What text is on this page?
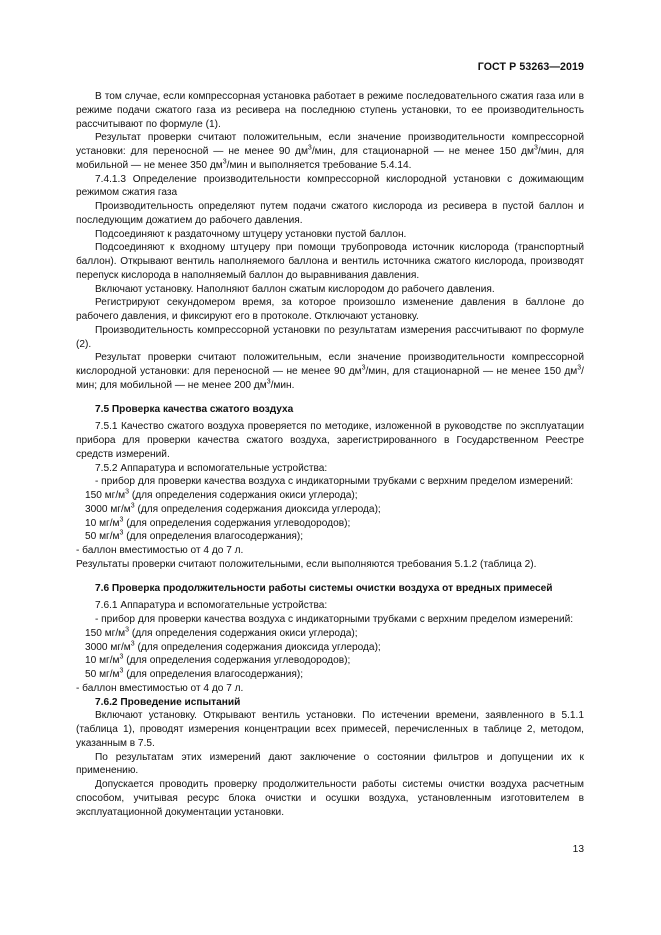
ГОСТ Р 53263—2019

В том случае, если компрессорная установка работает в режиме последовательного сжатия газа или в режиме подачи сжатого газа из ресивера на последнюю ступень установки, то ее производительность рассчитывают по формуле (1).

Результат проверки считают положительным, если значение производительности компрессорной установки: для переносной — не менее 90 $дм^3$/мин, для стационарной — не менее 150 $дм^3$/мин, для мобильной — не менее 350 $дм^3$/мин и выполняется требование 5.4.14.

7.4.1.3 Определение производительности компрессорной кислородной установки с дожимающим режимом сжатия газа

Производительность определяют путем подачи сжатого кислорода из ресивера в пустой баллон и последующим дожатием до рабочего давления.

Подсоединяют к раздаточному штуцеру установки пустой баллон.

Подсоединяют к входному штуцеру при помощи трубопровода источник кислорода (транспортный баллон). Открывают вентиль наполняемого баллона и вентиль источника сжатого кислорода, производят перепуск кислорода в наполняемый баллон до выравнивания давления.

Включают установку. Наполняют баллон сжатым кислородом до рабочего давления.

Регистрируют секундомером время, за которое произошло изменение давления в баллоне до рабочего давления, и фиксируют его в протоколе. Отключают установку.

Производительность компрессорной установки по результатам измерения рассчитывают по формуле (2).

Результат проверки считают положительным, если значение производительности компрессорной кислородной установки: для переносной — не менее 90 $дм^3$/мин, для стационарной — не менее 150 $дм^3$/мин; для мобильной — не менее 200 $дм^3$/мин.

7.5 Проверка качества сжатого воздуха

7.5.1 Качество сжатого воздуха проверяется по методике, изложенной в руководстве по эксплуатации прибора для проверки качества сжатого воздуха, зарегистрированного в Государственном Реестре средств измерений.

7.5.2 Аппаратура и вспомогательные устройства:

- прибор для проверки качества воздуха с индикаторными трубками с верхним пределом измерений:

150 $мг/м^3$ (для определения содержания окиси углерода);

3000 $мг/м^3$ (для определения содержания диоксида углерода);

10 $мг/м^3$ (для определения содержания углеводородов);

50 $мг/м^3$ (для определения влагосодержания);

- баллон вместимостью от 4 до 7 л.

Результаты проверки считают положительными, если выполняются требования 5.1.2 (таблица 2).

7.6 Проверка продолжительности работы системы очистки воздуха от вредных примесей

7.6.1 Аппаратура и вспомогательные устройства:

- прибор для проверки качества воздуха с индикаторными трубками с верхним пределом измерений:

150 $мг/м^3$ (для определения содержания окиси углерода);

3000 $мг/м^3$ (для определения содержания диоксида углерода);

10 $мг/м^3$ (для определения содержания углеводородов);

50 $мг/м^3$ (для определения влагосодержания);

- баллон вместимостью от 4 до 7 л.

7.6.2 Проведение испытаний

Включают установку. Открывают вентиль установки. По истечении времени, заявленного в 5.1.1 (таблица 1), проводят измерения концентрации всех примесей, перечисленных в таблице 2, методом, указанным в 7.5.

По результатам этих измерений дают заключение о состоянии фильтров и допущении их к применению.

Допускается проводить проверку продолжительности работы системы очистки воздуха расчетным способом, учитывая ресурс блока очистки и осушки воздуха, установленным изготовителем в эксплуатационной документации установки.

13
